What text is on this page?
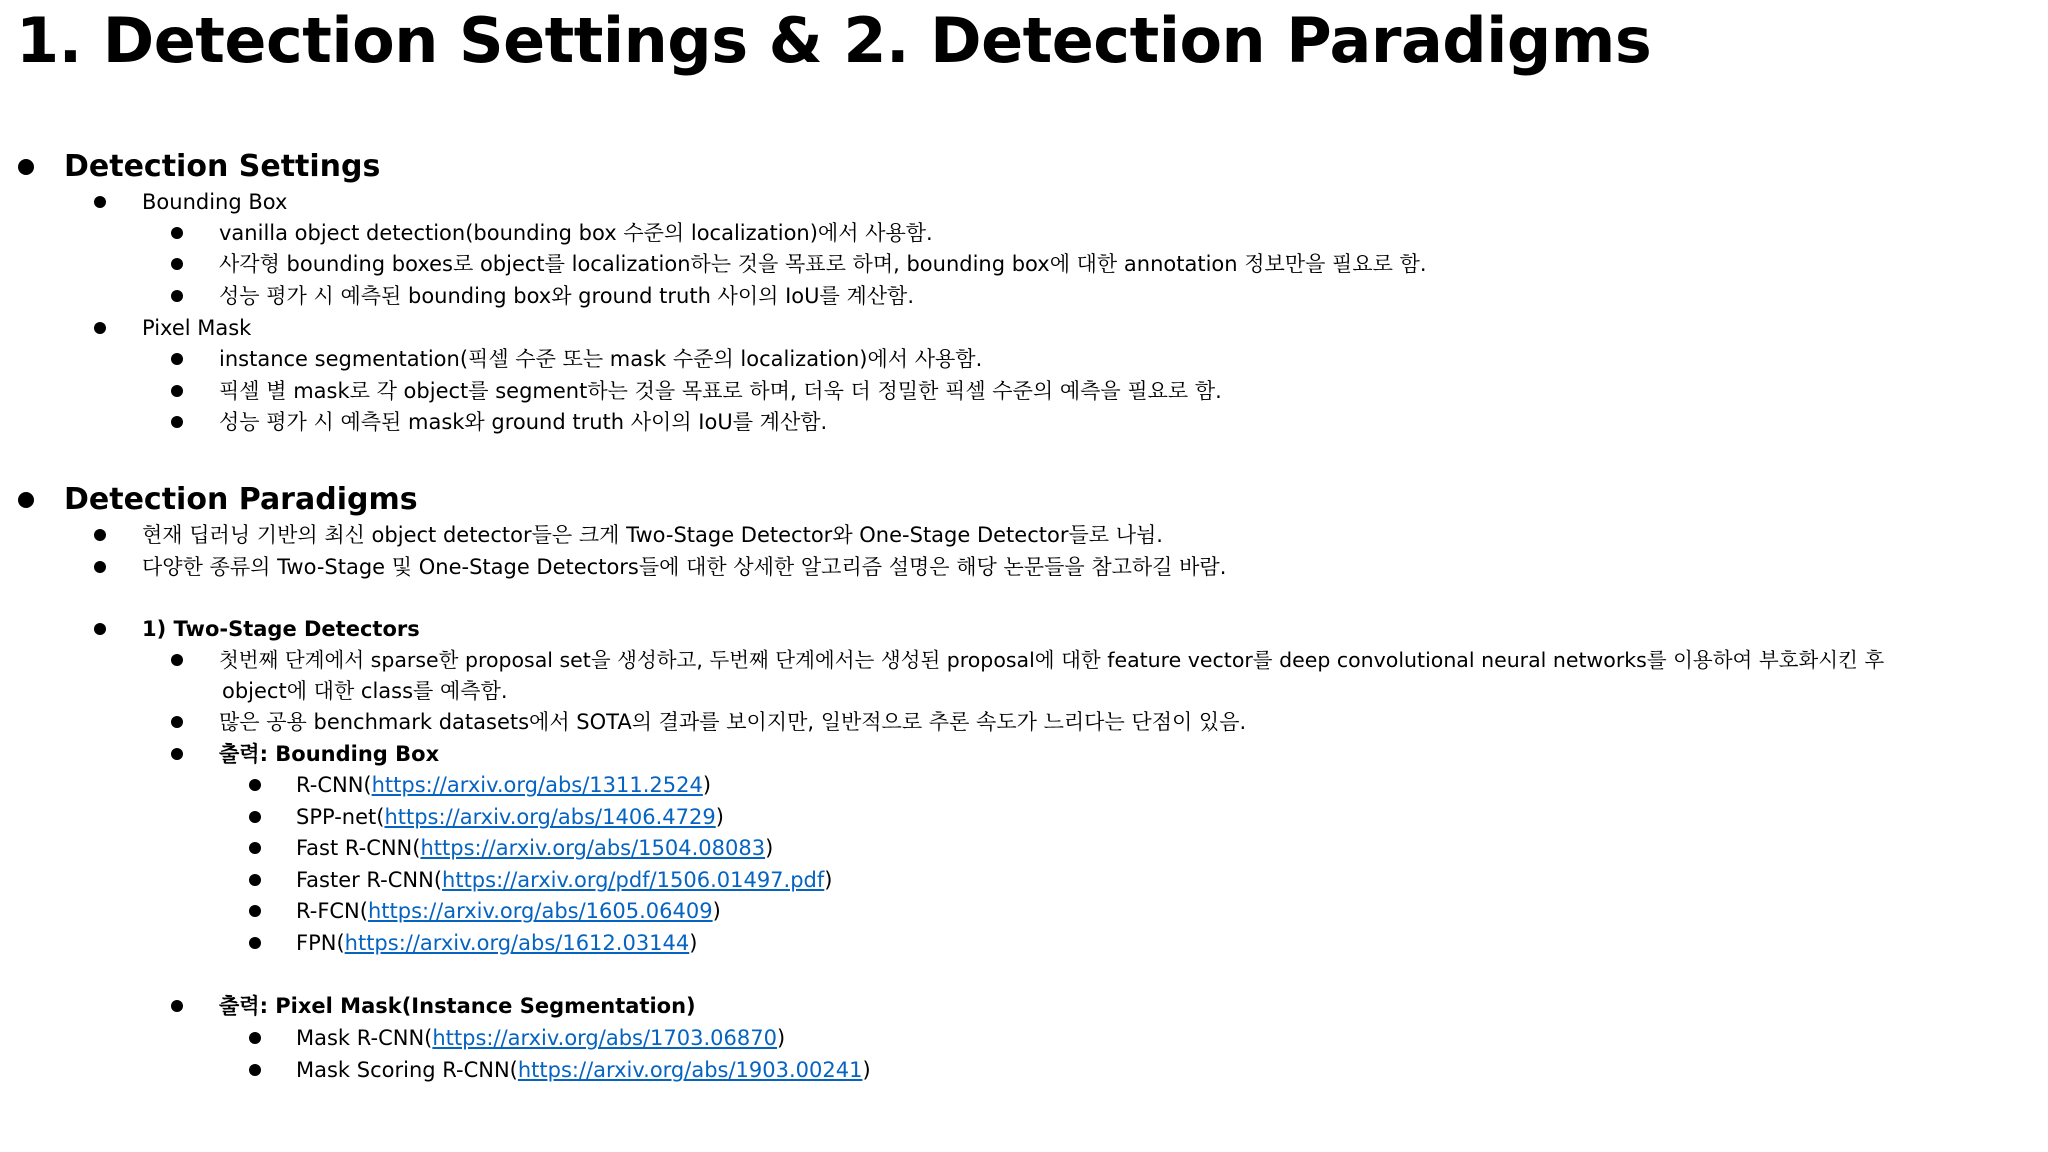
1. Detection Settings & 2. Detection Paradigms
Detection Settings
Bounding Box
vanilla object detection(bounding box 수준의 localization)에서 사용함.
사각형 bounding boxes로 object를 localization하는 것을 목표로 하며, bounding box에 대한 annotation 정보만을 필요로 함.
성능 평가 시 예측된 bounding box와 ground truth 사이의 IoU를 계산함.
Pixel Mask
instance segmentation(픽셀 수준 또는 mask 수준의 localization)에서 사용함.
픽셀 별 mask로 각 object를 segment하는 것을 목표로 하며, 더욱 더 정밀한 픽셀 수준의 예측을 필요로 함.
성능 평가 시 예측된 mask와 ground truth 사이의 IoU를 계산함.
Detection Paradigms
현재 딥러닝 기반의 최신 object detector들은 크게 Two-Stage Detector와 One-Stage Detector들로 나뉨.
다양한 종류의 Two-Stage 및 One-Stage Detectors들에 대한 상세한 알고리즘 설명은 해당 논문들을 참고하길 바람.
1) Two-Stage Detectors
첫번째 단계에서 sparse한 proposal set을 생성하고, 두번째 단계에서는 생성된 proposal에 대한 feature vector를 deep convolutional neural networks를 이용하여 부호화시킨 후
object에 대한 class를 예측함.
많은 공용 benchmark datasets에서 SOTA의 결과를 보이지만, 일반적으로 추론 속도가 느리다는 단점이 있음.
출력: Bounding Box
R-CNN(https://arxiv.org/abs/1311.2524)
SPP-net(https://arxiv.org/abs/1406.4729)
Fast R-CNN(https://arxiv.org/abs/1504.08083)
Faster R-CNN(https://arxiv.org/pdf/1506.01497.pdf)
R-FCN(https://arxiv.org/abs/1605.06409)
FPN(https://arxiv.org/abs/1612.03144)
출력: Pixel Mask(Instance Segmentation)
Mask R-CNN(https://arxiv.org/abs/1703.06870)
Mask Scoring R-CNN(https://arxiv.org/abs/1903.00241)
